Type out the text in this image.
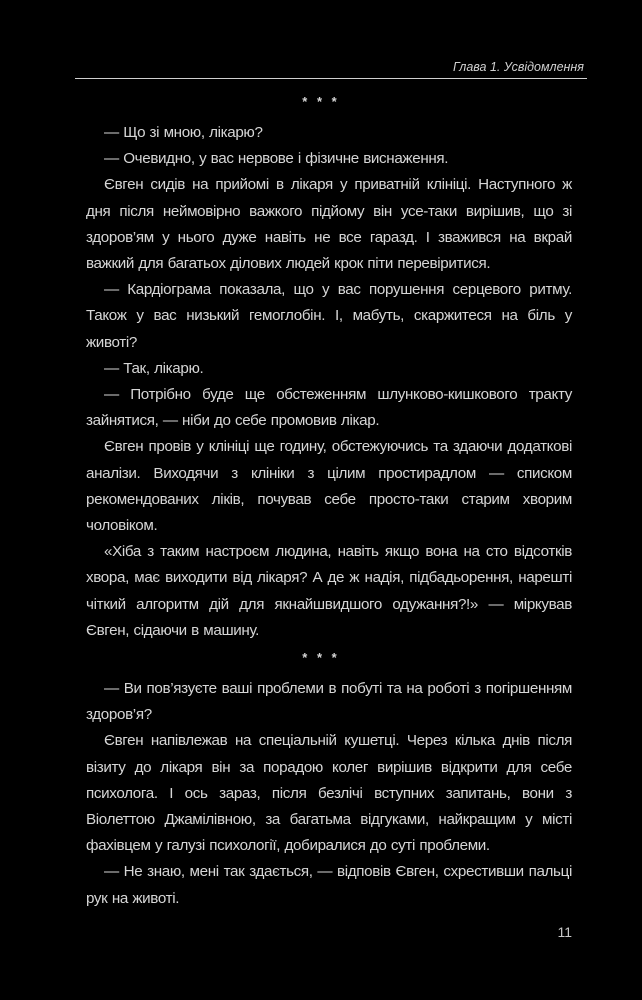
Глава 1. Усвідомлення
* * *

— Що зі мною, лікарю?

— Очевидно, у вас нервове і фізичне виснаження.

Євген сидів на прийомі в лікаря у приватній клініці. Наступного ж дня після неймовірно важкого підйому він усе-таки вирішив, що зі здоров’ям у нього дуже навіть не все гаразд. І зважився на вкрай важкий для багатьох ділових людей крок піти перевіритися.

— Кардіограма показала, що у вас порушення серцевого ритму. Також у вас низький гемоглобін. І, мабуть, скаржитеся на біль у животі?

— Так, лікарю.

— Потрібно буде ще обстеженням шлунково-кишкового тракту зайнятися, — ніби до себе промовив лікар.

Євген провів у клініці ще годину, обстежуючись та здаючи додаткові аналізи. Виходячи з клініки з цілим простирадлом — списком рекомендованих ліків, почував себе просто-таки старим хворим чоловіком.

«Хіба з таким настроєм людина, навіть якщо вона на сто відсотків хвора, має виходити від лікаря? А де ж надія, підбадьорення, нарешті чіткий алгоритм дій для якнайшвидшого одужання?!» — міркував Євген, сідаючи в машину.

* * *

— Ви пов’язуєте ваші проблеми в побуті та на роботі з погіршенням здоров’я?

Євген напівлежав на спеціальній кушетці. Через кілька днів після візиту до лікаря він за порадою колег вирішив відкрити для себе психолога. І ось зараз, після безлічі вступних запитань, вони з Віолеттою Джамілівною, за багатьма відгуками, найкращим у місті фахівцем у галузі психології, добиралися до суті проблеми.

— Не знаю, мені так здається, — відповів Євген, схрестивши пальці рук на животі.

11
